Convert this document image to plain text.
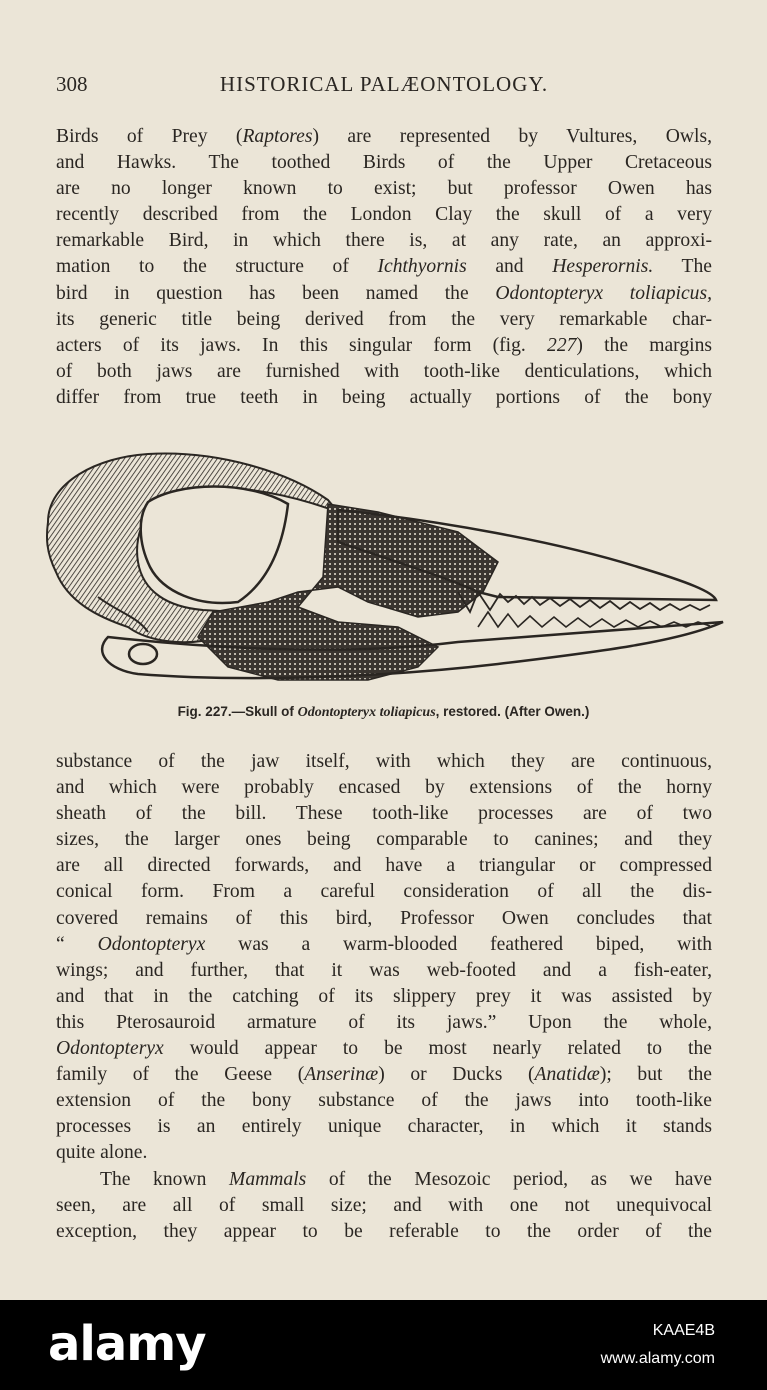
308	HISTORICAL PALÆONTOLOGY.
Birds of Prey (Raptores) are represented by Vultures, Owls,
and Hawks. The toothed Birds of the Upper Cretaceous
are no longer known to exist; but professor Owen has
recently described from the London Clay the skull of a very
remarkable Bird, in which there is, at any rate, an approxi-
mation to the structure of Ichthyornis and Hesperornis. The
bird in question has been named the Odontopteryx toliapicus,
its generic title being derived from the very remarkable char-
acters of its jaws. In this singular form (fig. 227) the margins
of both jaws are furnished with tooth-like denticulations, which
differ from true teeth in being actually portions of the bony
Fig. 227.—Skull of Odontopteryx toliapicus, restored. (After Owen.)
substance of the jaw itself, with which they are continuous,
and which were probably encased by extensions of the horny
sheath of the bill. These tooth-like processes are of two
sizes, the larger ones being comparable to canines; and they
are all directed forwards, and have a triangular or compressed
conical form. From a careful consideration of all the dis-
covered remains of this bird, Professor Owen concludes that
“ Odontopteryx was a warm-blooded feathered biped, with
wings; and further, that it was web-footed and a fish-eater,
and that in the catching of its slippery prey it was assisted by
this Pterosauroid armature of its jaws.” Upon the whole,
Odontopteryx would appear to be most nearly related to the
family of the Geese (Anserinæ) or Ducks (Anatidæ); but the
extension of the bony substance of the jaws into tooth-like
processes is an entirely unique character, in which it stands
quite alone.
The known Mammals of the Mesozoic period, as we have
seen, are all of small size; and with one not unequivocal
exception, they appear to be referable to the order of the
alamy	KAAE4B
www.alamy.com
